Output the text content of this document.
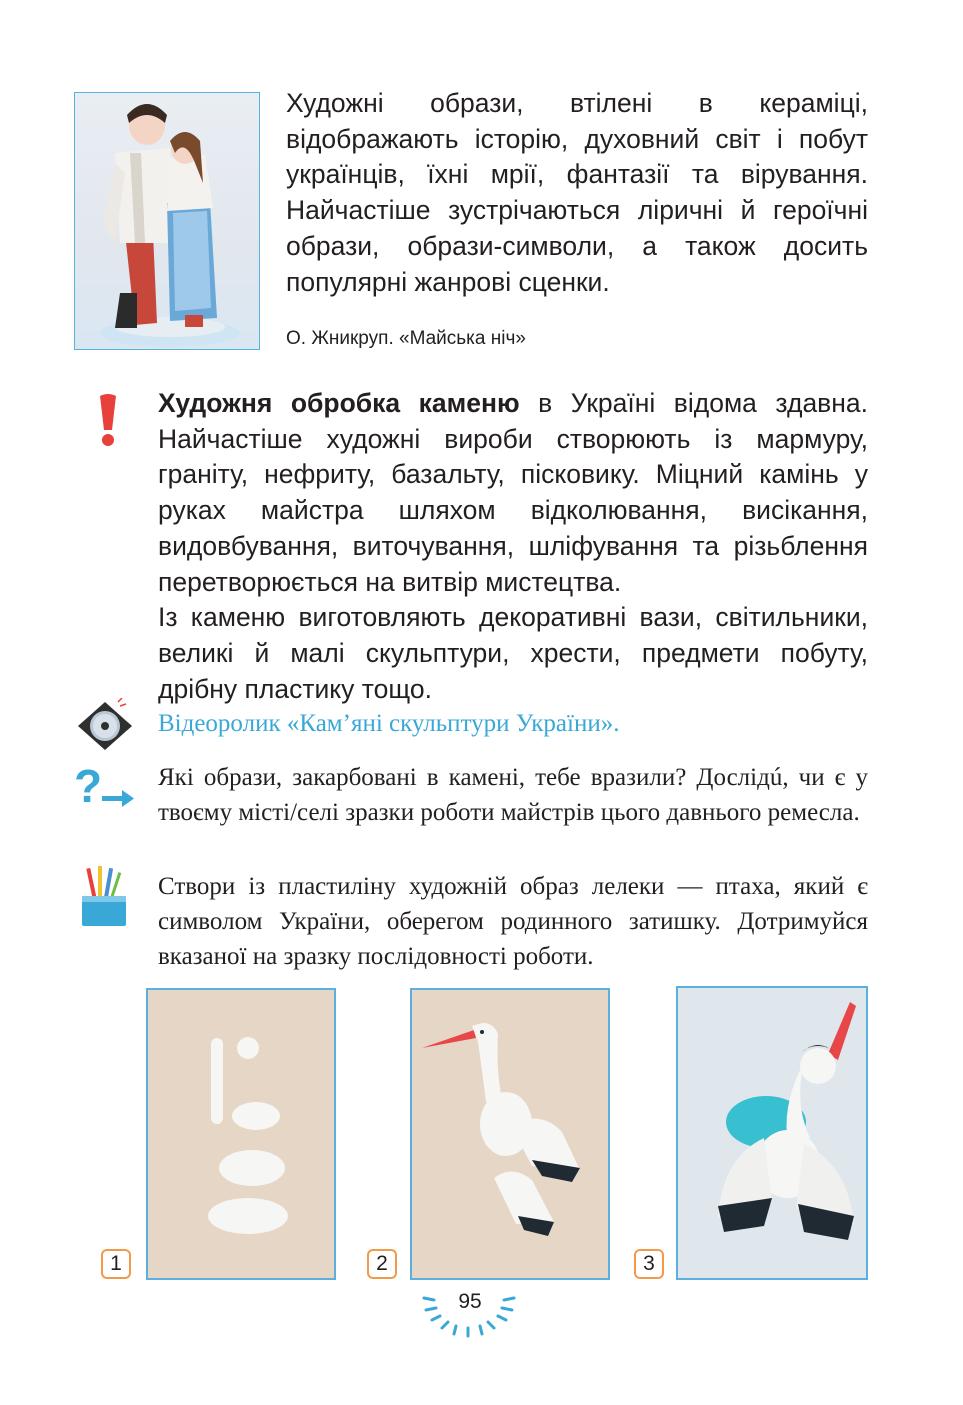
Художні образи, втілені в кераміці, відображають історію, духовний світ і побут українців, їхні мрії, фантазії та вірування. Найчастіше зустрічаються ліричні й героїчні образи, образи-символи, а також досить популярні жанрові сценки.

О. Жникруп. «Майська ніч»

Художня обробка каменю в Україні відома здавна. Найчастіше художні вироби створюють із мармуру, граніту, нефриту, базальту, пісковику. Міцний камінь у руках майстра шляхом відколювання, висікання, видовбування, виточування, шліфування та різьблення перетворюється на витвір мистецтва.

Із каменю виготовляють декоративні вази, світильники, великі й малі скульптури, хрести, предмети побуту, дрібну пластику тощо.

Відеоролик «Кам’яні скульптури України».
? Які образи, закарбовані в камені, тебе вразили? Дослідú, чи є у твоєму місті/селі зразки роботи майстрів цього давнього ремесла.

Створи із пластиліну художній образ лелеки — птаха, який є символом України, оберегом родинного затишку. Дотримуйся вказаної на зразку послідовності роботи.

1	2	3
95
